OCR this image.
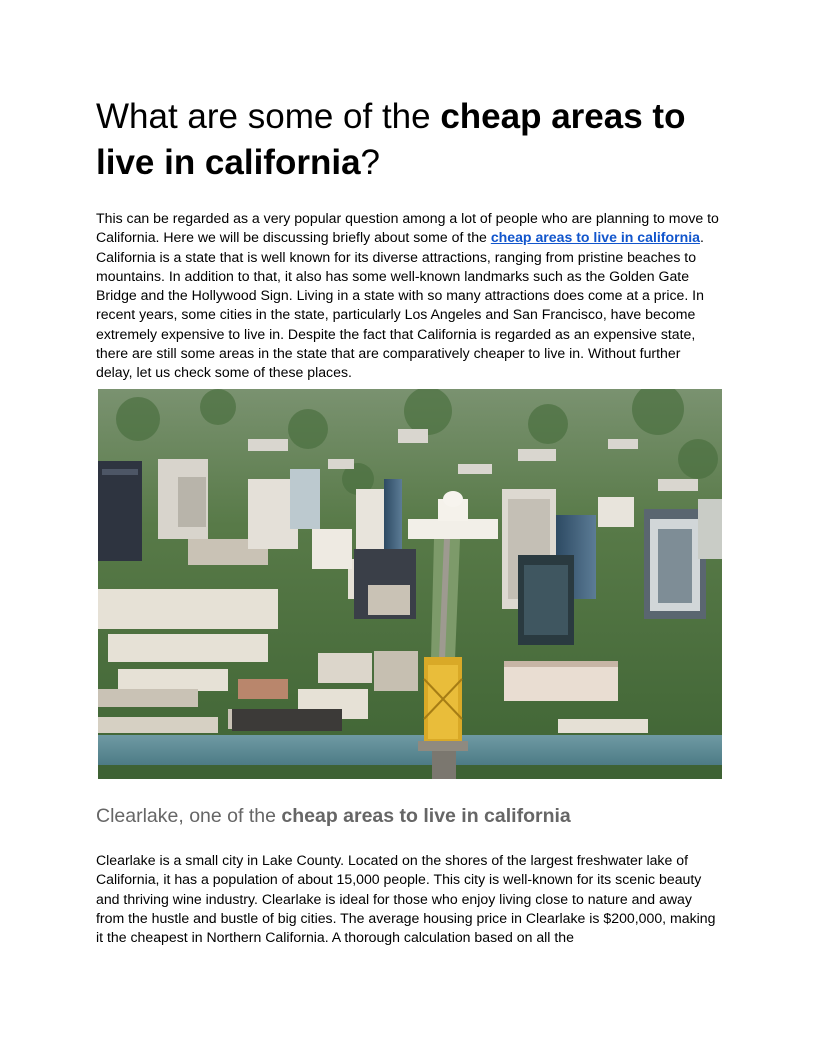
What are some of the cheap areas to live in california?

This can be regarded as a very popular question among a lot of people who are planning to move to California. Here we will be discussing briefly about some of the cheap areas to live in california. California is a state that is well known for its diverse attractions, ranging from pristine beaches to mountains. In addition to that, it also has some well-known landmarks such as the Golden Gate Bridge and the Hollywood Sign. Living in a state with so many attractions does come at a price. In recent years, some cities in the state, particularly Los Angeles and San Francisco, have become extremely expensive to live in. Despite the fact that California is regarded as an expensive state, there are still some areas in the state that are comparatively cheaper to live in. Without further delay, let us check some of these places.

Clearlake, one of the cheap areas to live in california

Clearlake is a small city in Lake County. Located on the shores of the largest freshwater lake of California, it has a population of about 15,000 people. This city is well-known for its scenic beauty and thriving wine industry. Clearlake is ideal for those who enjoy living close to nature and away from the hustle and bustle of big cities. The average housing price in Clearlake is $200,000, making it the cheapest in Northern California. A thorough calculation based on all the
